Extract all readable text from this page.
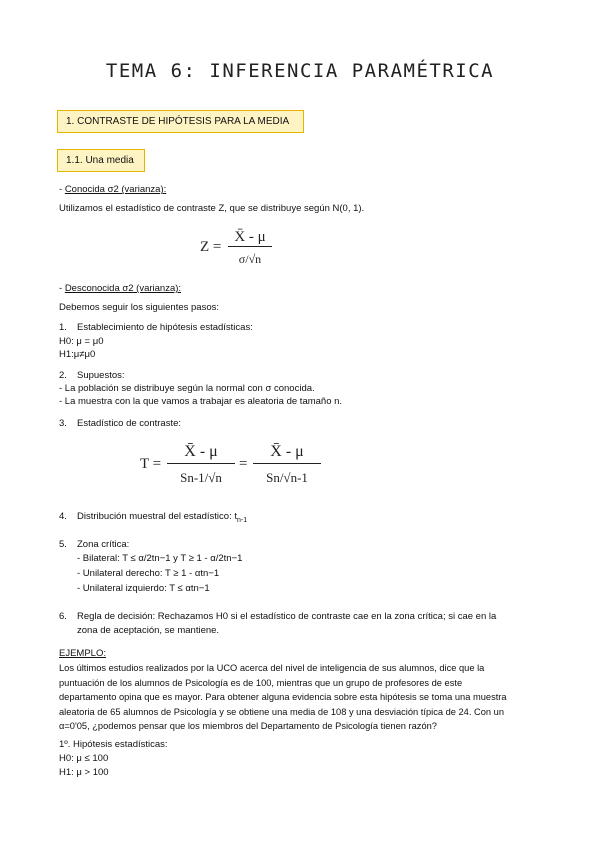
TEMA 6: INFERENCIA PARAMÉTRICA
1. CONTRASTE DE HIPÓTESIS PARA LA MEDIA
1.1. Una media
- Conocida σ2 (varianza):
Utilizamos el estadístico de contraste Z, que se distribuye según N(0, 1).
Z =
X̄ - μ
σ/√n
- Desconocida σ2 (varianza):
Debemos seguir los siguientes pasos:
1. Establecimiento de hipótesis estadísticas:
H0: μ = μ0
H1:μ≠μ0
2. Supuestos:
- La población se distribuye según la normal con σ conocida.
- La muestra con la que vamos a trabajar es aleatoria de tamaño n.
3. Estadístico de contraste:
T =
X̄ - μ
Sn-1/√n
=
X̄ - μ
Sn/√n-1
4. Distribución muestral del estadístico: $t_{n-1}$
5. Zona crítica:
- Bilateral: T ≤ α/2tn−1 y T ≥ 1 - α/2tn−1
- Unilateral derecho: T ≥ 1 - αtn−1
- Unilateral izquierdo: T ≤ αtn−1
6. Regla de decisión: Rechazamos H0 si el estadístico de contraste cae en la zona crítica; si cae en la
zona de aceptación, se mantiene.
EJEMPLO:
Los últimos estudios realizados por la UCO acerca del nivel de inteligencia de sus alumnos, dice que la
puntuación de los alumnos de Psicología es de 100, mientras que un grupo de profesores de este
departamento opina que es mayor. Para obtener alguna evidencia sobre esta hipótesis se toma una muestra
aleatoria de 65 alumnos de Psicología y se obtiene una media de 108 y una desviación típica de 24. Con un
α=0'05, ¿podemos pensar que los miembros del Departamento de Psicología tienen razón?
1º. Hipótesis estadísticas:
H0: μ ≤ 100
H1: μ > 100
